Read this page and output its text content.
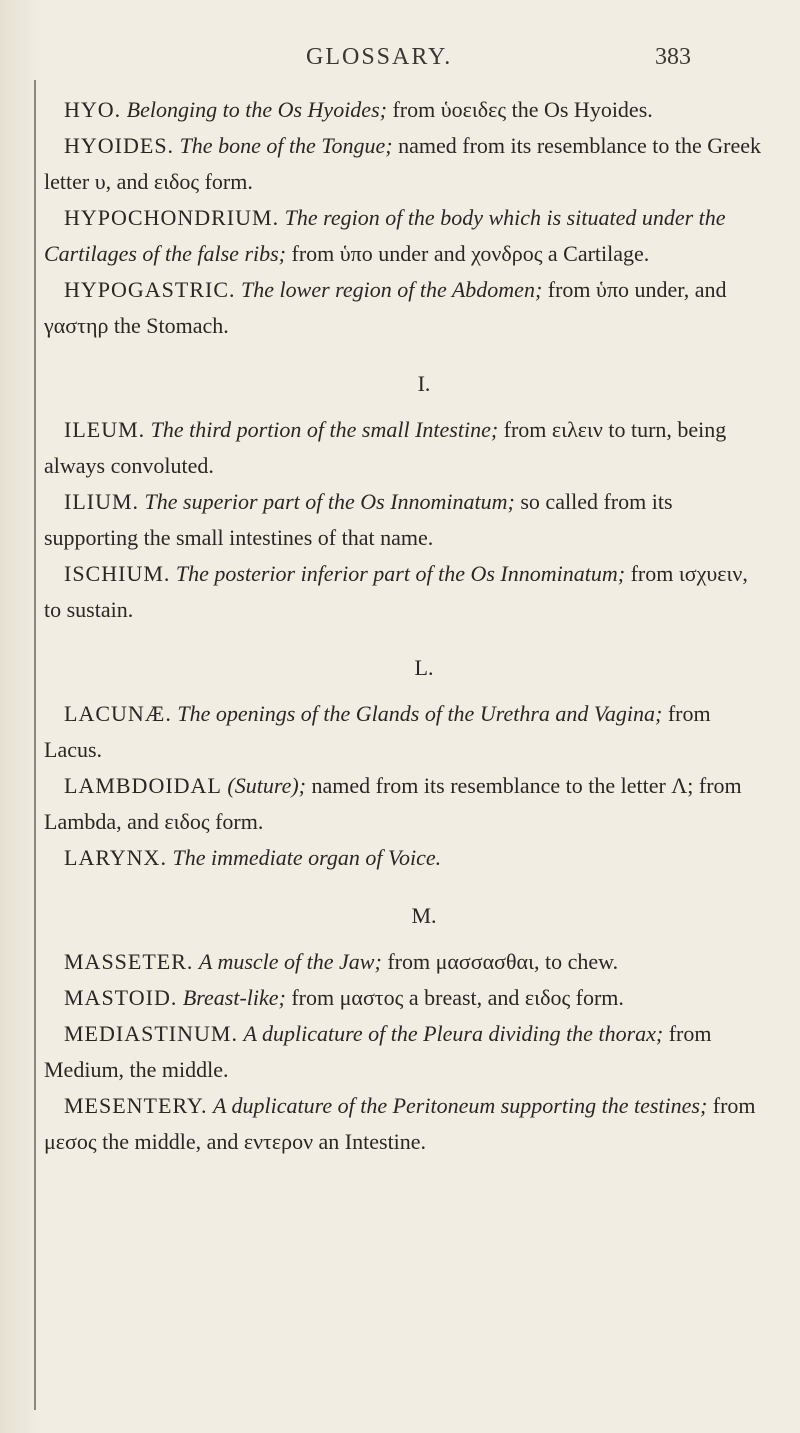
GLOSSARY.	383

HYO. Belonging to the Os Hyoides; from ὑοειδες the Os Hyoides.

HYOIDES. The bone of the Tongue; named from its resemblance to the Greek letter υ, and ειδος form.

HYPOCHONDRIUM. The region of the body which is situated under the Cartilages of the false ribs; from ὑπο under and χονδρος a Cartilage.

HYPOGASTRIC. The lower region of the Abdomen; from ὑπο under, and γαστηρ the Stomach.

I.

ILEUM. The third portion of the small Intestine; from ειλειν to turn, being always convoluted.

ILIUM. The superior part of the Os Innominatum; so called from its supporting the small intestines of that name.

ISCHIUM. The posterior inferior part of the Os Innominatum; from ισχυειν, to sustain.

L.

LACUNÆ. The openings of the Glands of the Urethra and Vagina; from Lacus.

LAMBDOIDAL (Suture); named from its resemblance to the letter Λ; from Lambda, and ειδος form.

LARYNX. The immediate organ of Voice.

M.

MASSETER. A muscle of the Jaw; from μασσασθαι, to chew.

MASTOID. Breast-like; from μαστος a breast, and ειδος form.

MEDIASTINUM. A duplicature of the Pleura dividing the thorax; from Medium, the middle.

MESENTERY. A duplicature of the Peritoneum supporting the testines; from μεσος the middle, and εντερον an Intestine.
